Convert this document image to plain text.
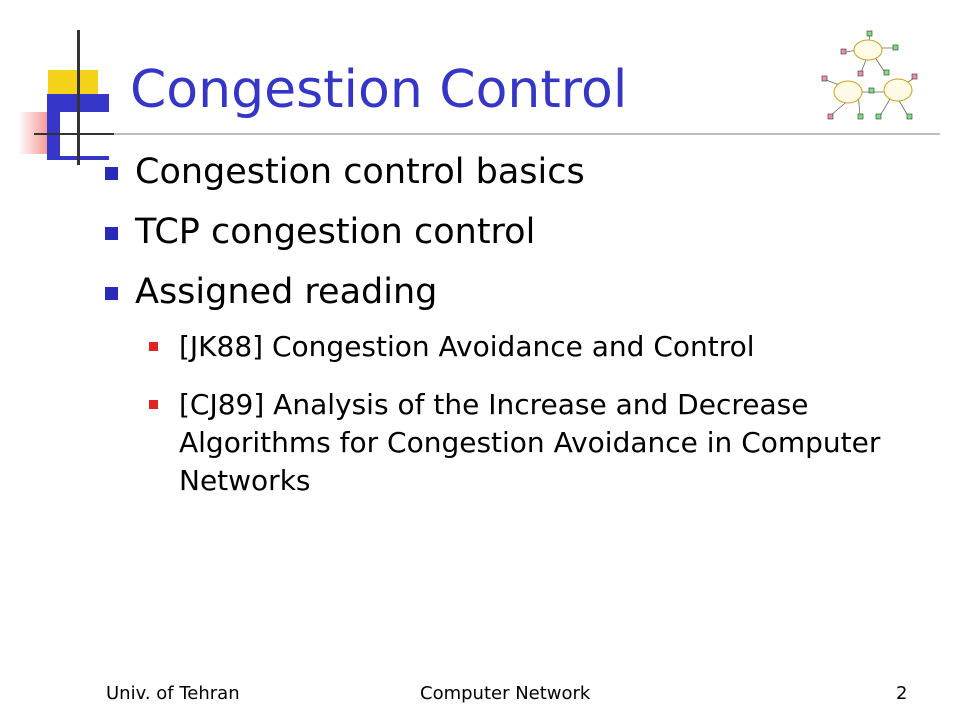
Congestion Control
Congestion control basics
TCP congestion control
Assigned reading
[JK88] Congestion Avoidance and Control
[CJ89] Analysis of the Increase and Decrease Algorithms for Congestion Avoidance in Computer Networks
Univ. of Tehran	Computer Network	2
